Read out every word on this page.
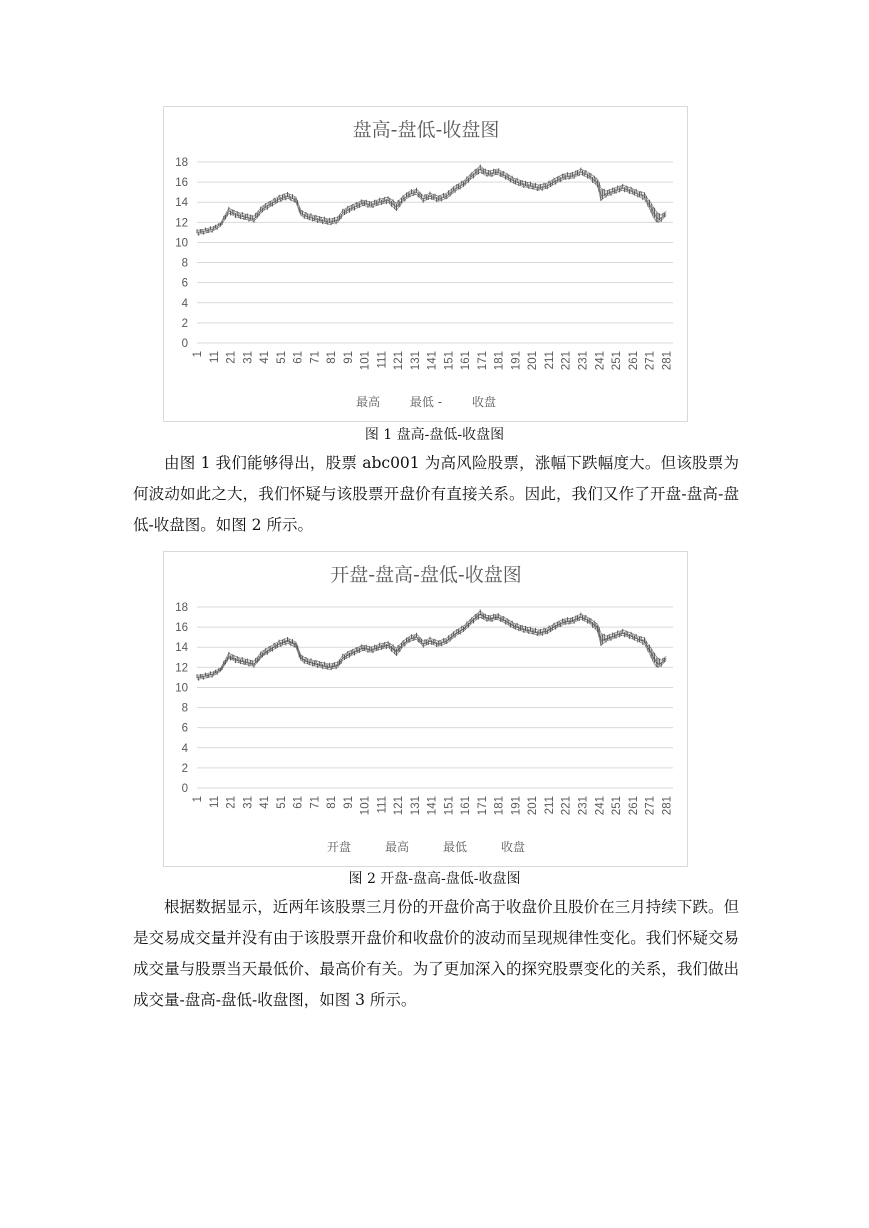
盘高-盘低-收盘图
0
2
4
6
8
10
12
14
16
18
1 11 21 31 41 51 61 71 81 91 101 111 121 131 141 151 161 171 181 191 201 211 221 231 241 251 261 271 281
最高 最低 - 收盘
图 1 盘高-盘低-收盘图

由图 1 我们能够得出，股票 abc001 为高风险股票，涨幅下跌幅度大。但该股票为何波动如此之大，我们怀疑与该股票开盘价有直接关系。因此，我们又作了开盘-盘高-盘低-收盘图。如图 2 所示。

开盘-盘高-盘低-收盘图
0
2
4
6
8
10
12
14
16
18
1 11 21 31 41 51 61 71 81 91 101 111 121 131 141 151 161 171 181 191 201 211 221 231 241 251 261 271 281
开盘	最高	最低	收盘
图 2 开盘-盘高-盘低-收盘图

根据数据显示，近两年该股票三月份的开盘价高于收盘价且股价在三月持续下跌。但是交易成交量并没有由于该股票开盘价和收盘价的波动而呈现规律性变化。我们怀疑交易成交量与股票当天最低价、最高价有关。为了更加深入的探究股票变化的关系，我们做出成交量-盘高-盘低-收盘图，如图 3 所示。
